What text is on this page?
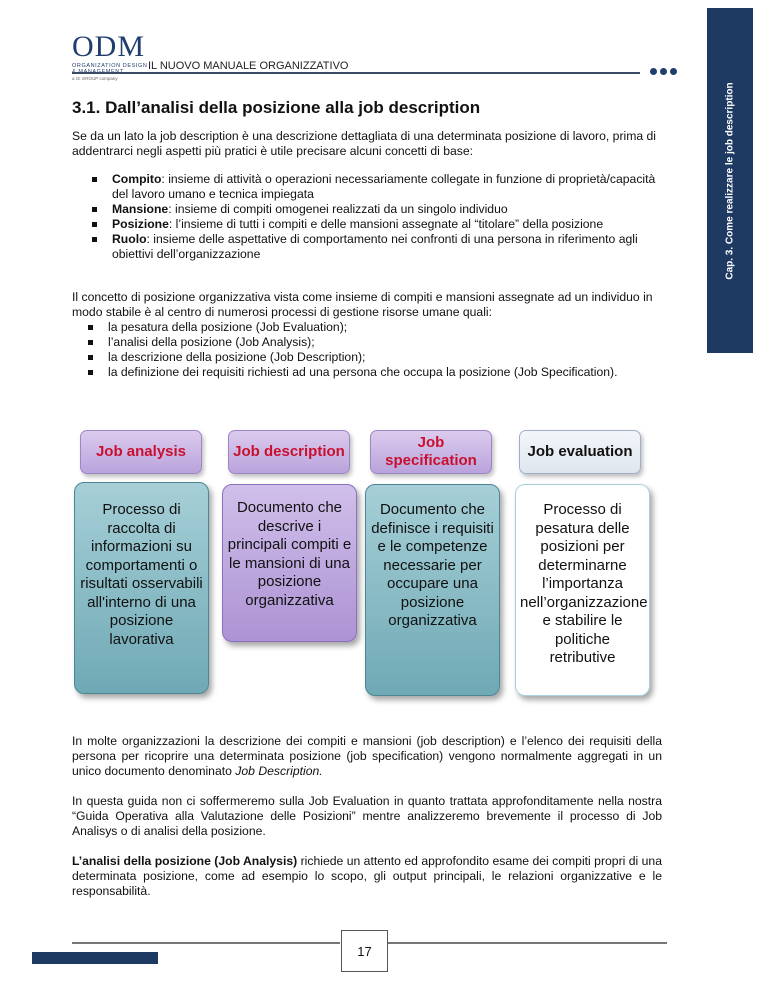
ODM
ORGANIZATION DESIGN
a GI GROUP company
IL NUOVO MANUALE ORGANIZZATIVO
Cap. 3. Come realizzare le job description
3.1. Dall’analisi della posizione alla job description
Se da un lato la job description è una descrizione dettagliata di una determinata posizione di lavoro, prima di addentrarci negli aspetti più pratici è utile precisare alcuni concetti di base:
Compito: insieme di attività o operazioni necessariamente collegate in funzione di proprietà/capacità del lavoro umano e tecnica impiegata
Mansione: insieme di compiti omogenei realizzati da un singolo individuo
Posizione: l’insieme di tutti i compiti e delle mansioni assegnate al “titolare” della posizione
Ruolo: insieme delle aspettative di comportamento nei confronti di una persona in riferimento agli obiettivi dell’organizzazione
Il concetto di posizione organizzativa vista come insieme di compiti e mansioni assegnate ad un individuo in modo stabile è al centro di numerosi processi di gestione risorse umane quali:
la pesatura della posizione (Job Evaluation);
l’analisi della posizione (Job Analysis);
la descrizione della posizione (Job Description);
la definizione dei requisiti richiesti ad una persona che occupa la posizione (Job Specification).
Job analysis	Job description
Job specification
Job evaluation
Processo di raccolta di informazioni su comportamenti o risultati osservabili all'interno di una posizione lavorativa
Documento che descrive i principali compiti e le mansioni di una posizione organizzativa
Documento che definisce i requisiti e le competenze necessarie per occupare una posizione organizzativa
Processo di pesatura delle posizioni per determinarne l’importanza nell’organizzazione e stabilire le politiche retributive
In molte organizzazioni la descrizione dei compiti e mansioni (job description) e l’elenco dei requisiti della persona per ricoprire una determinata posizione (job specification) vengono normalmente aggregati in un unico documento denominato Job Description.
In questa guida non ci soffermeremo sulla Job Evaluation in quanto trattata approfonditamente nella nostra “Guida Operativa alla Valutazione delle Posizioni” mentre analizzeremo brevemente il processo di Job Analisys o di analisi della posizione.
L’analisi della posizione (Job Analysis) richiede un attento ed approfondito esame dei compiti propri di una determinata posizione, come ad esempio lo scopo, gli output principali, le relazioni organizzative e le responsabilità.
17
